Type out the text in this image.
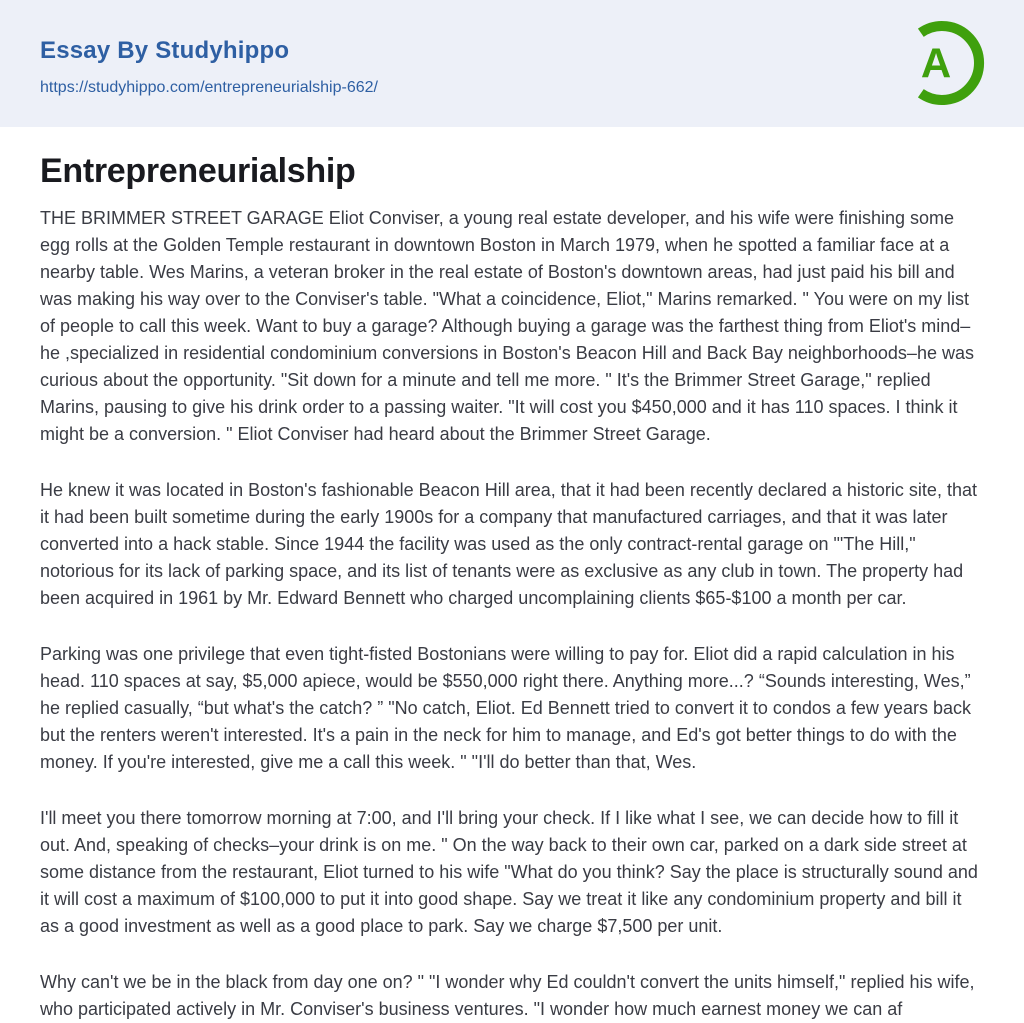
Essay By Studyhippo
https://studyhippo.com/entrepreneurialship-662/
A
Entrepreneurialship

THE BRIMMER STREET GARAGE Eliot Conviser, a young real estate developer, and his wife were finishing some egg rolls at the Golden Temple restaurant in downtown Boston in March 1979, when he spotted a familiar face at a nearby table. Wes Marins, a veteran broker in the real estate of Boston's downtown areas, had just paid his bill and was making his way over to the Conviser's table. "What a coincidence, Eliot," Marins remarked. " You were on my list of people to call this week. Want to buy a garage? Although buying a garage was the farthest thing from Eliot's mind–he ,specialized in residential condominium conversions in Boston's Beacon Hill and Back Bay neighborhoods–he was curious about the opportunity. "Sit down for a minute and tell me more. " It's the Brimmer Street Garage," replied Marins, pausing to give his drink order to a passing waiter. "It will cost you $450,000 and it has 110 spaces. I think it might be a conversion. " Eliot Conviser had heard about the Brimmer Street Garage.

He knew it was located in Boston's fashionable Beacon Hill area, that it had been recently declared a historic site, that it had been built sometime during the early 1900s for a company that manufactured carriages, and that it was later converted into a hack stable. Since 1944 the facility was used as the only contract-rental garage on "'The Hill," notorious for its lack of parking space, and its list of tenants were as exclusive as any club in town. The property had been acquired in 1961 by Mr. Edward Bennett who charged uncomplaining clients $65-$100 a month per car.

Parking was one privilege that even tight-fisted Bostonians were willing to pay for. Eliot did a rapid calculation in his head. 110 spaces at say, $5,000 apiece, would be $550,000 right there. Anything more...? “Sounds interesting, Wes,” he replied casually, “but what's the catch? ” "No catch, Eliot. Ed Bennett tried to convert it to condos a few years back but the renters weren't interested. It's a pain in the neck for him to manage, and Ed's got better things to do with the money. If you're interested, give me a call this week. " "I'll do better than that, Wes.

I'll meet you there tomorrow morning at 7:00, and I'll bring your check. If I like what I see, we can decide how to fill it out. And, speaking of checks–your drink is on me. " On the way back to their own car, parked on a dark side street at some distance from the restaurant, Eliot turned to his wife "What do you think? Say the place is structurally sound and it will cost a maximum of $100,000 to put it into good shape. Say we treat it like any condominium property and bill it as a good investment as well as a good place to park. Say we charge $7,500 per unit.

Why can't we be in the black from day one on? " "I wonder why Ed couldn't convert the units himself," replied his wife, who participated actively in Mr. Conviser's business ventures. "I wonder how much earnest money we can af
